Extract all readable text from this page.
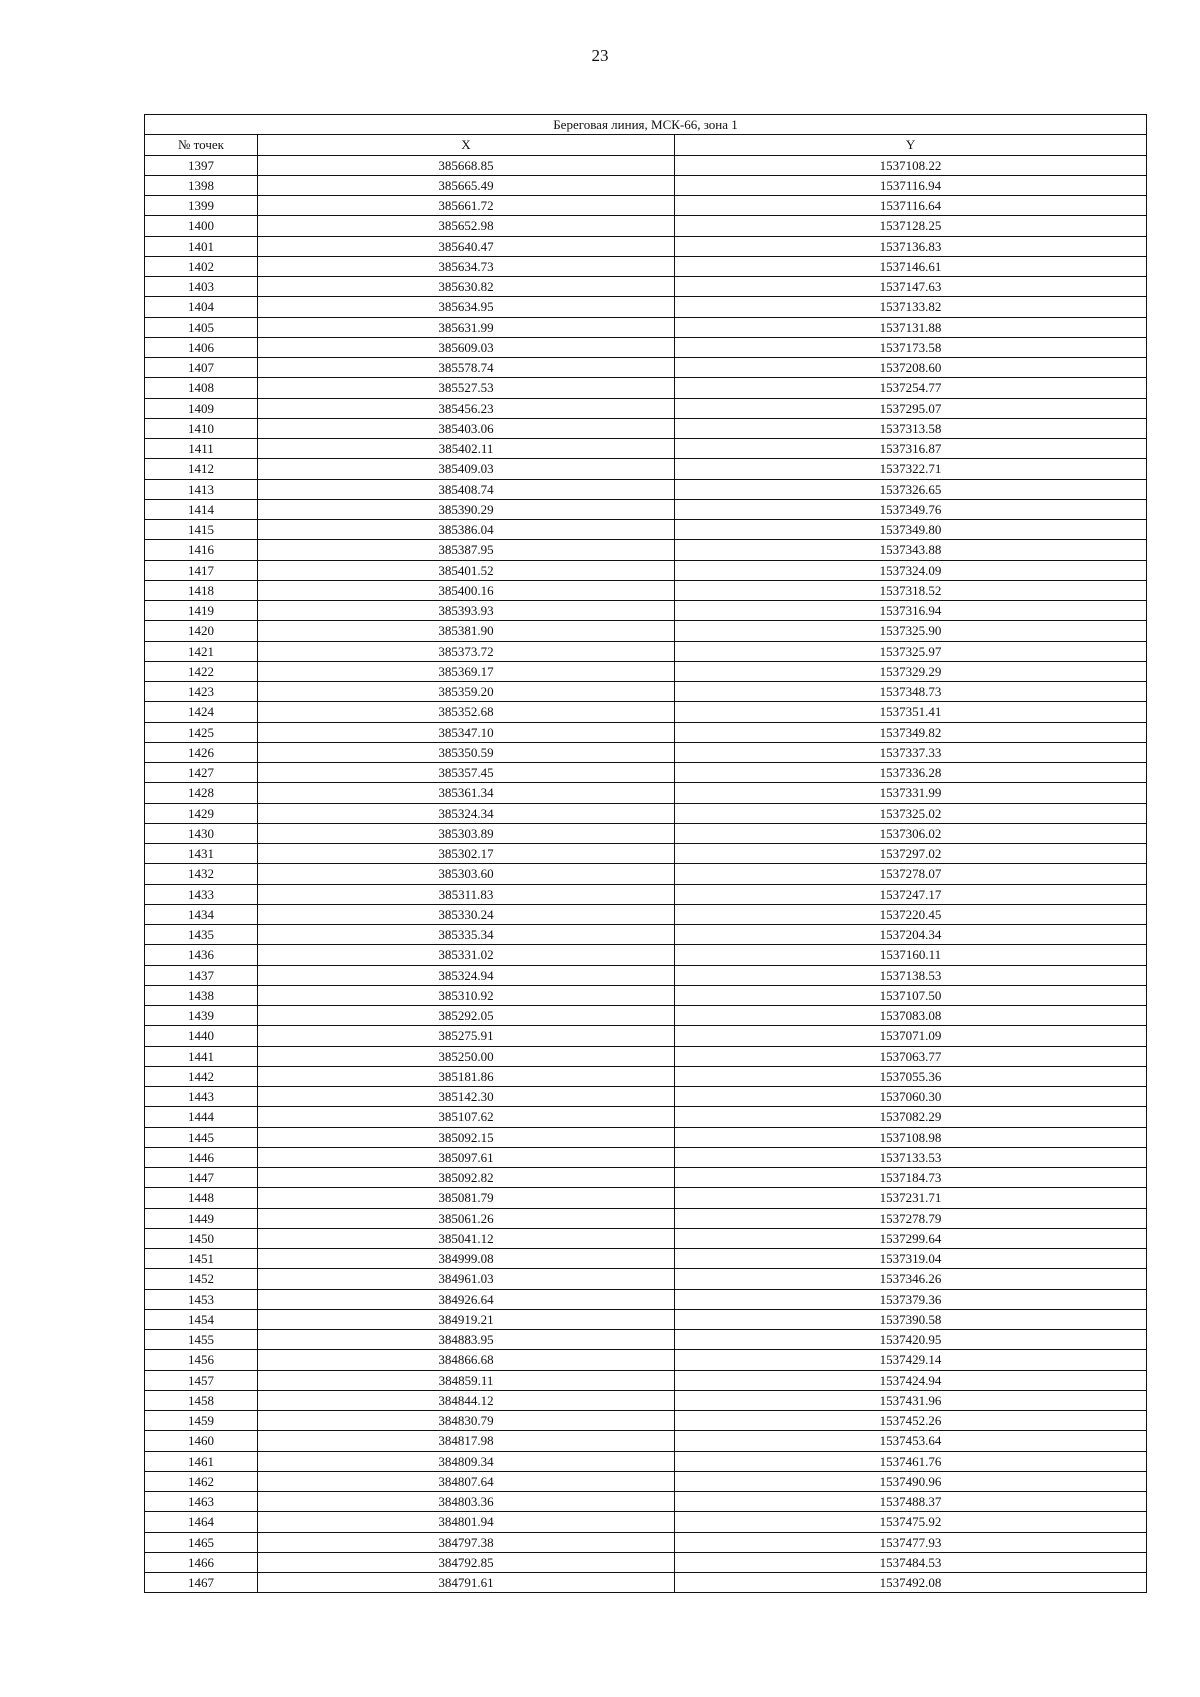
23
Береговая линия, МСК-66, зона 1		
№ точек	X	Y
1397	385668.85	1537108.22
1398	385665.49	1537116.94
1399	385661.72	1537116.64
1400	385652.98	1537128.25
1401	385640.47	1537136.83
1402	385634.73	1537146.61
1403	385630.82	1537147.63
1404	385634.95	1537133.82
1405	385631.99	1537131.88
1406	385609.03	1537173.58
1407	385578.74	1537208.60
1408	385527.53	1537254.77
1409	385456.23	1537295.07
1410	385403.06	1537313.58
1411	385402.11	1537316.87
1412	385409.03	1537322.71
1413	385408.74	1537326.65
1414	385390.29	1537349.76
1415	385386.04	1537349.80
1416	385387.95	1537343.88
1417	385401.52	1537324.09
1418	385400.16	1537318.52
1419	385393.93	1537316.94
1420	385381.90	1537325.90
1421	385373.72	1537325.97
1422	385369.17	1537329.29
1423	385359.20	1537348.73
1424	385352.68	1537351.41
1425	385347.10	1537349.82
1426	385350.59	1537337.33
1427	385357.45	1537336.28
1428	385361.34	1537331.99
1429	385324.34	1537325.02
1430	385303.89	1537306.02
1431	385302.17	1537297.02
1432	385303.60	1537278.07
1433	385311.83	1537247.17
1434	385330.24	1537220.45
1435	385335.34	1537204.34
1436	385331.02	1537160.11
1437	385324.94	1537138.53
1438	385310.92	1537107.50
1439	385292.05	1537083.08
1440	385275.91	1537071.09
1441	385250.00	1537063.77
1442	385181.86	1537055.36
1443	385142.30	1537060.30
1444	385107.62	1537082.29
1445	385092.15	1537108.98
1446	385097.61	1537133.53
1447	385092.82	1537184.73
1448	385081.79	1537231.71
1449	385061.26	1537278.79
1450	385041.12	1537299.64
1451	384999.08	1537319.04
1452	384961.03	1537346.26
1453	384926.64	1537379.36
1454	384919.21	1537390.58
1455	384883.95	1537420.95
1456	384866.68	1537429.14
1457	384859.11	1537424.94
1458	384844.12	1537431.96
1459	384830.79	1537452.26
1460	384817.98	1537453.64
1461	384809.34	1537461.76
1462	384807.64	1537490.96
1463	384803.36	1537488.37
1464	384801.94	1537475.92
1465	384797.38	1537477.93
1466	384792.85	1537484.53
1467	384791.61	1537492.08
